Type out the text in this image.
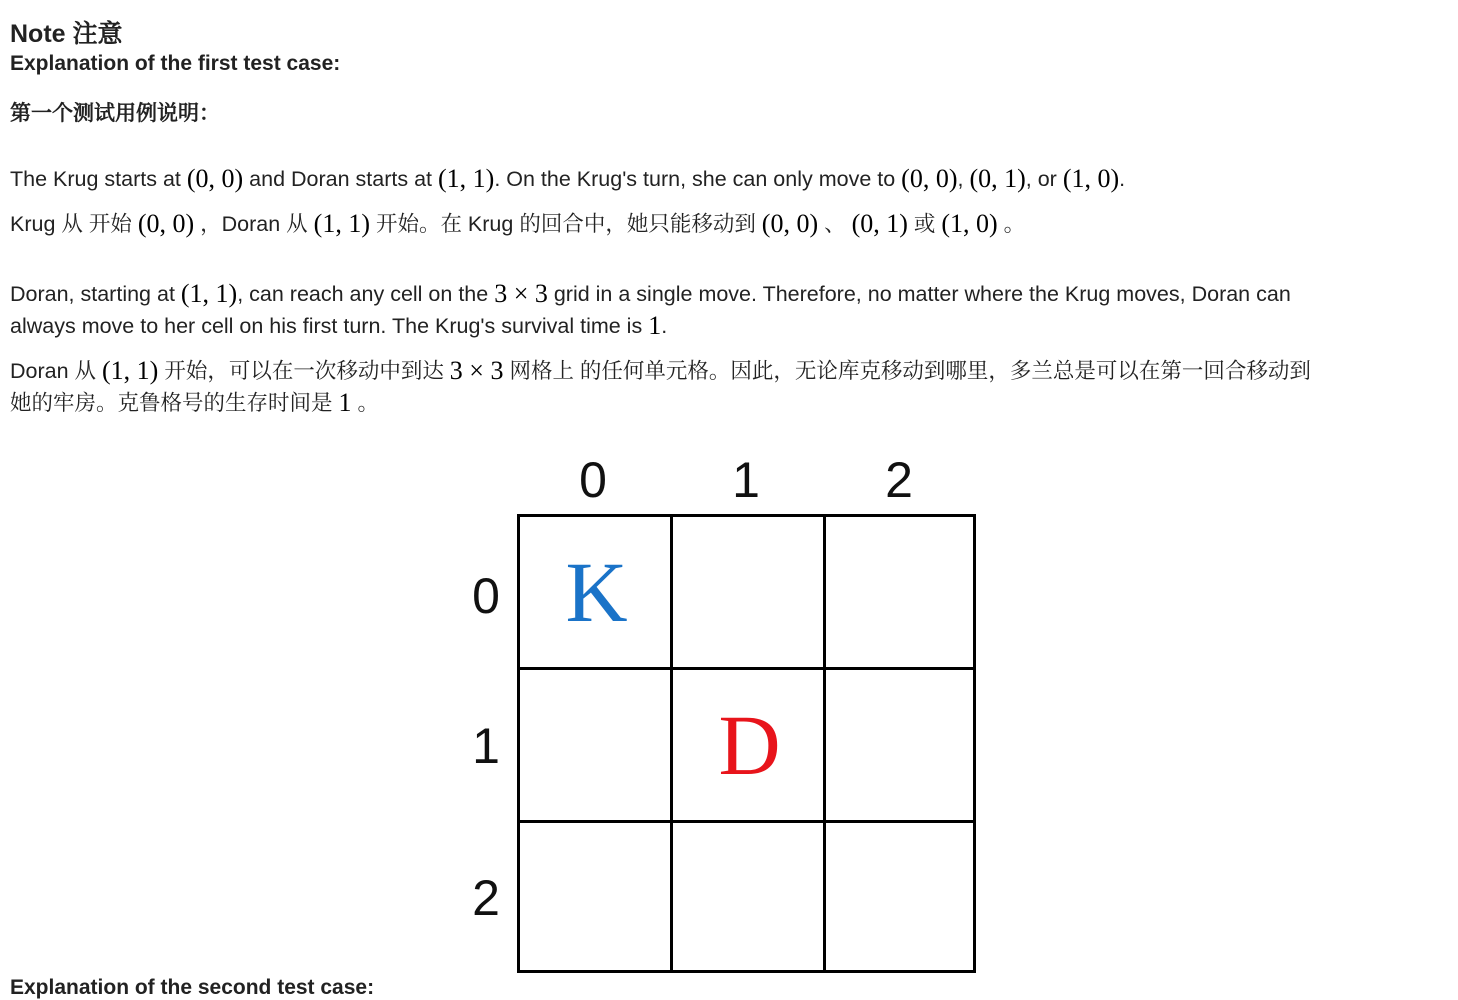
Note 注意
Explanation of the first test case:
第一个测试用例说明：
The Krug starts at (0, 0) and Doran starts at (1, 1). On the Krug's turn, she can only move to (0, 0), (0, 1), or (1, 0).
Krug 从 开始 (0, 0) ，Doran 从 (1, 1) 开始。在 Krug 的回合中，她只能移动到 (0, 0) 、 (0, 1) 或 (1, 0) 。
Doran, starting at (1, 1), can reach any cell on the 3 × 3 grid in a single move. Therefore, no matter where the Krug moves, Doran can
always move to her cell on his first turn. The Krug's survival time is 1.
Doran 从 (1, 1) 开始，可以在一次移动中到达 3 × 3 网格上 的任何单元格。因此，无论库克移动到哪里，多兰总是可以在第一回合移动到
她的牢房。克鲁格号的生存时间是 1 。
0	1	2
0
1
2
K
D
Explanation of the second test case:
